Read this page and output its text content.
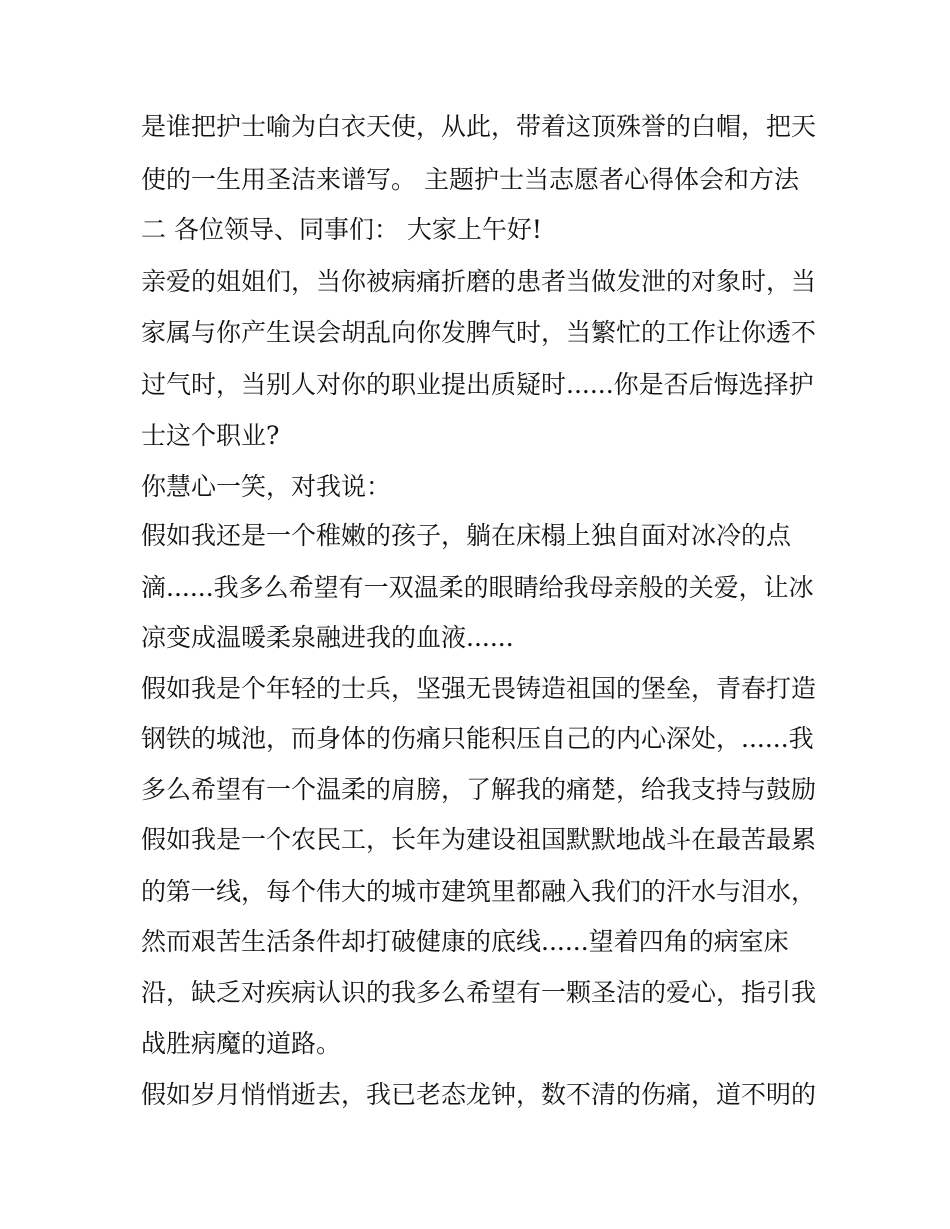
是谁把护士喻为白衣天使，从此，带着这顶殊誉的白帽，把天
使的一生用圣洁来谱写。 主题护士当志愿者心得体会和方法
二 各位领导、同事们： 大家上午好!
亲爱的姐姐们，当你被病痛折磨的患者当做发泄的对象时，当
家属与你产生误会胡乱向你发脾气时，当繁忙的工作让你透不
过气时，当别人对你的职业提出质疑时......你是否后悔选择护
士这个职业?
你慧心一笑，对我说：
假如我还是一个稚嫩的孩子，躺在床榻上独自面对冰冷的点
滴......我多么希望有一双温柔的眼睛给我母亲般的关爱，让冰
凉变成温暖柔泉融进我的血液......
假如我是个年轻的士兵，坚强无畏铸造祖国的堡垒，青春打造
钢铁的城池，而身体的伤痛只能积压自己的内心深处，......我
多么希望有一个温柔的肩膀，了解我的痛楚，给我支持与鼓励
假如我是一个农民工，长年为建设祖国默默地战斗在最苦最累
的第一线，每个伟大的城市建筑里都融入我们的汗水与泪水，
然而艰苦生活条件却打破健康的底线......望着四角的病室床
沿，缺乏对疾病认识的我多么希望有一颗圣洁的爱心，指引我
战胜病魔的道路。
假如岁月悄悄逝去，我已老态龙钟，数不清的伤痛，道不明的
